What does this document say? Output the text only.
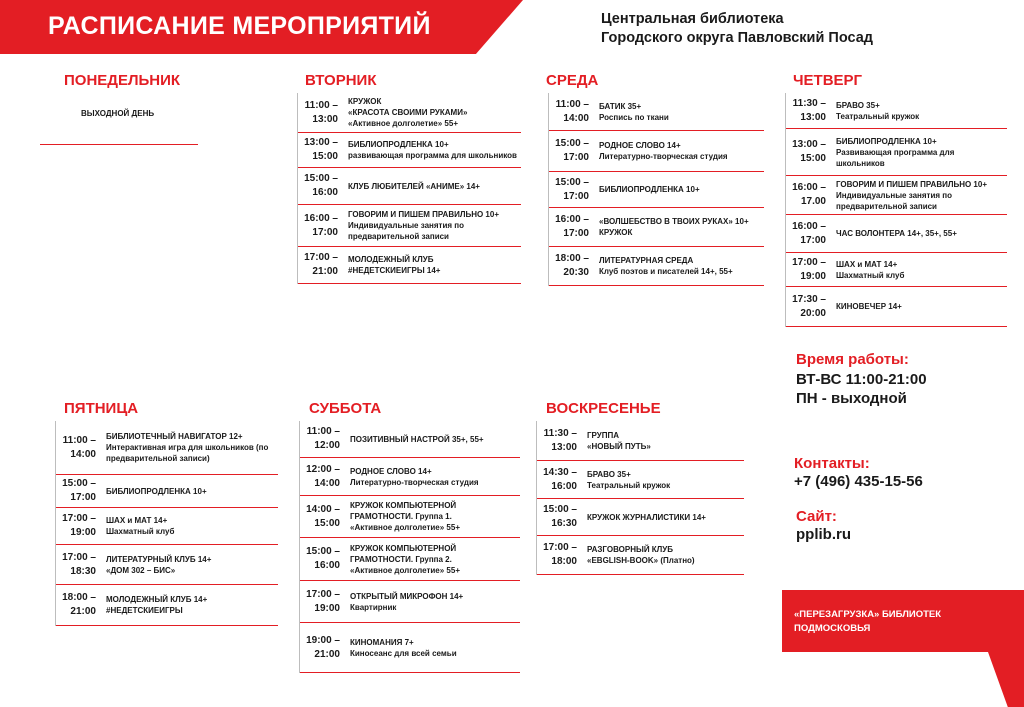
РАСПИСАНИЕ МЕРОПРИЯТИЙ	Центральная библиотека
Городского округа Павловский Посад
ПОНЕДЕЛЬНИК
ВЫХОДНОЙ ДЕНЬ
ВТОРНИК
11:00 –
13:00
КРУЖОК
«КРАСОТА СВОИМИ РУКАМИ»
«Активное долголетие» 55+
13:00 –
15:00
БИБЛИОПРОДЛЕНКА 10+
развивающая программа для школьников
15:00 –
16:00
КЛУБ ЛЮБИТЕЛЕЙ «АНИМЕ» 14+
16:00 –
17:00
ГОВОРИМ И ПИШЕМ ПРАВИЛЬНО 10+
Индивидуальные занятия по
предварительной записи
17:00 –
21:00
МОЛОДЕЖНЫЙ КЛУБ
#НЕДЕТСКИЕИГРЫ 14+
СРЕДА
11:00 –
14:00
БАТИК 35+
Роспись по ткани
15:00 –
17:00
РОДНОЕ СЛОВО 14+
Литературно-творческая студия
15:00 –
17:00
БИБЛИОПРОДЛЕНКА 10+
16:00 –
17:00
«ВОЛШЕБСТВО В ТВОИХ РУКАХ» 10+
КРУЖОК
18:00 –
20:30
ЛИТЕРАТУРНАЯ СРЕДА
Клуб поэтов и писателей 14+, 55+
ЧЕТВЕРГ
11:30 –
13:00
БРАВО 35+
Театральный кружок
13:00 –
15:00
БИБЛИОПРОДЛЕНКА 10+
Развивающая программа для
школьников
16:00 –
17.00
ГОВОРИМ И ПИШЕМ ПРАВИЛЬНО 10+
Индивидуальные занятия по
предварительной записи
16:00 –
17:00
ЧАС ВОЛОНТЕРА 14+, 35+, 55+
17:00 –
19:00
ШАХ и МАТ 14+
Шахматный клуб
17:30 –
20:00
КИНОВЕЧЕР 14+
ПЯТНИЦА
11:00 –
14:00
БИБЛИОТЕЧНЫЙ НАВИГАТОР 12+
Интерактивная игра для школьников (по
предварительной записи)
15:00 –
17:00
БИБЛИОПРОДЛЕНКА 10+
17:00 –
19:00
ШАХ и МАТ 14+
Шахматный клуб
17:00 –
18:30
ЛИТЕРАТУРНЫЙ КЛУБ 14+
«ДОМ 302 – БИС»
18:00 –
21:00
МОЛОДЕЖНЫЙ КЛУБ 14+
#НЕДЕТСКИЕИГРЫ
СУББОТА
11:00 –
12:00
ПОЗИТИВНЫЙ НАСТРОЙ 35+, 55+
12:00 –
14:00
РОДНОЕ СЛОВО 14+
Литературно-творческая студия
14:00 –
15:00
КРУЖОК КОМПЬЮТЕРНОЙ
ГРАМОТНОСТИ. Группа 1.
«Активное долголетие» 55+
15:00 –
16:00
КРУЖОК КОМПЬЮТЕРНОЙ
ГРАМОТНОСТИ. Группа 2.
«Активное долголетие» 55+
17:00 –
19:00
ОТКРЫТЫЙ МИКРОФОН 14+
Квартирник
19:00 –
21:00
КИНОМАНИЯ 7+
Киносеанс для всей семьи
ВОСКРЕСЕНЬЕ
11:30 –
13:00
ГРУППА
«НОВЫЙ ПУТЬ»
14:30 –
16:00
БРАВО 35+
Театральный кружок
15:00 –
16:30
КРУЖОК ЖУРНАЛИСТИКИ 14+
17:00 –
18:00
РАЗГОВОРНЫЙ КЛУБ
«EBGLISH-BOOK» (Платно)
Время работы:
ВТ-ВС 11:00-21:00
ПН - выходной
Контакты:
+7 (496) 435-15-56
Сайт:
pplib.ru
«ПЕРЕЗАГРУЗКА» БИБЛИОТЕК
ПОДМОСКОВЬЯ
